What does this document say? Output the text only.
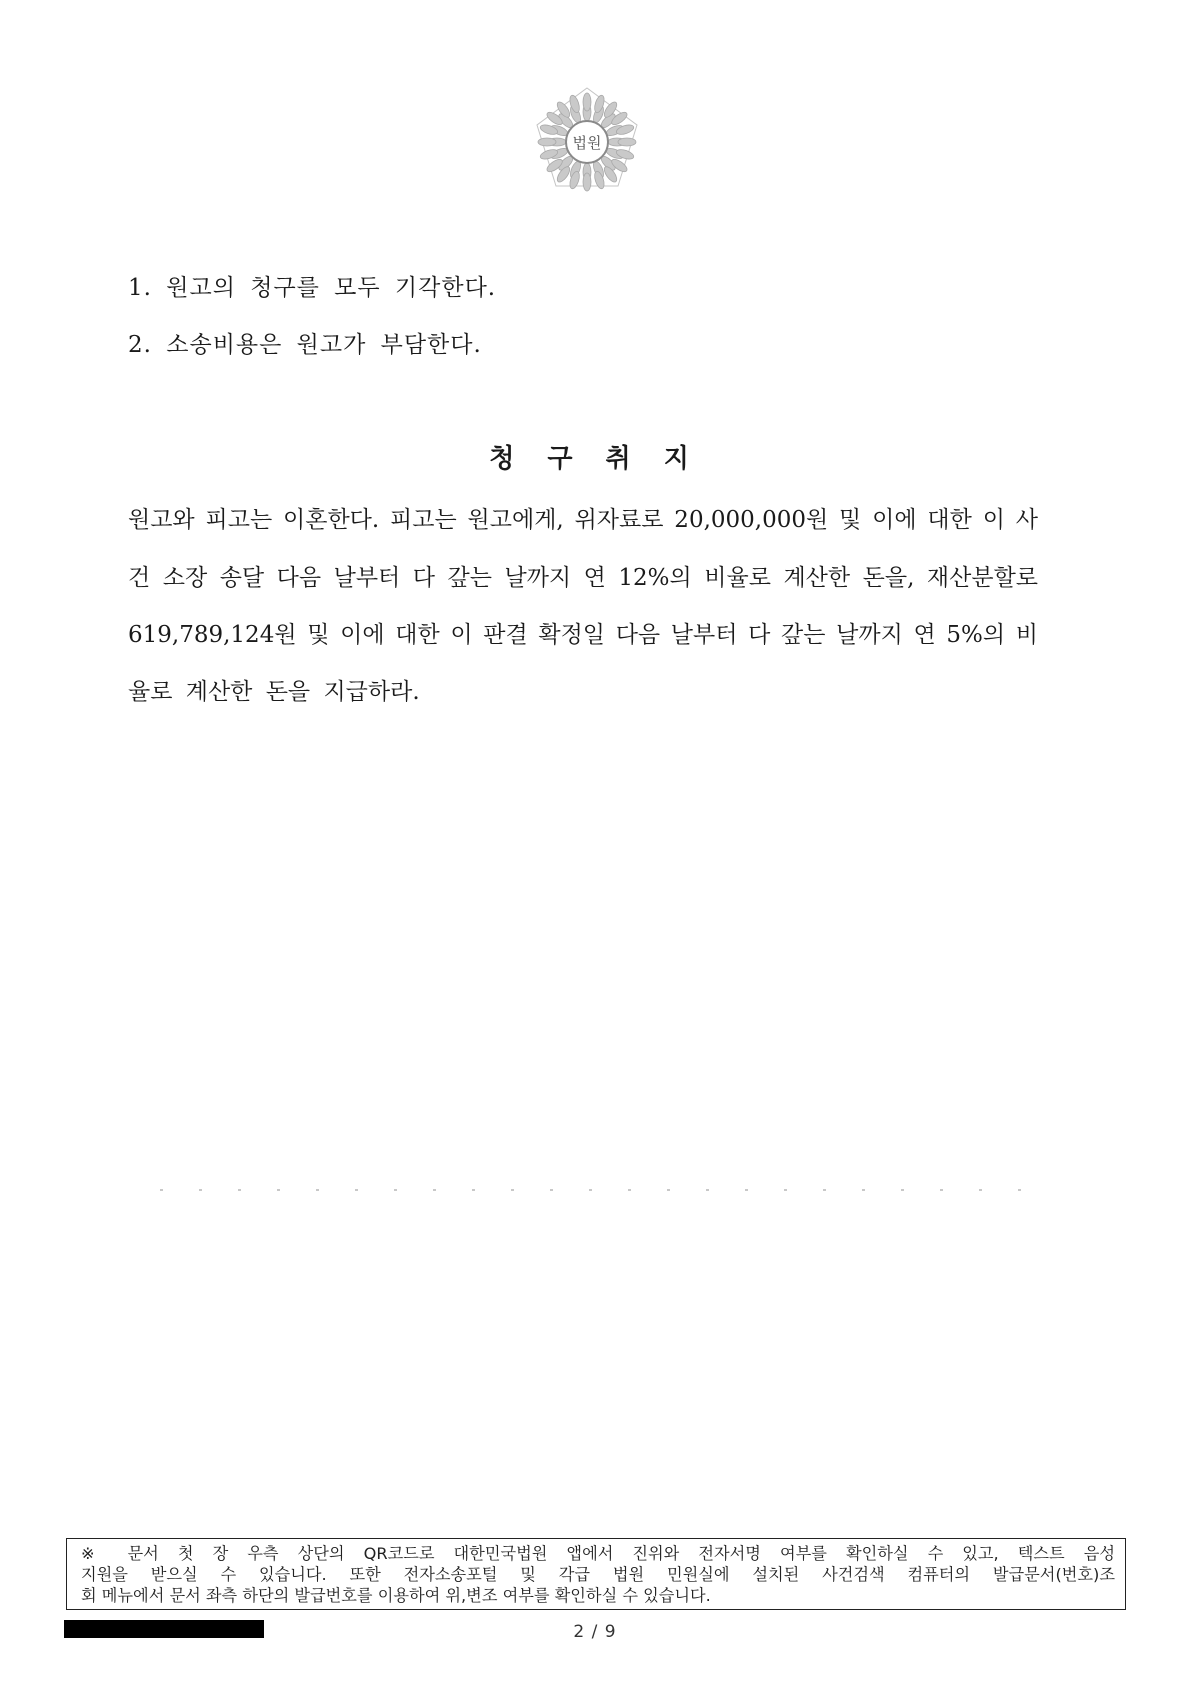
법원
1. 원고의 청구를 모두 기각한다.
2. 소송비용은 원고가 부담한다.
청 구 취 지
원고와 피고는 이혼한다. 피고는 원고에게, 위자료로 20,000,000원 및 이에 대한 이 사
건 소장 송달 다음 날부터 다 갚는 날까지 연 12%의 비율로 계산한 돈을, 재산분할로
619,789,124원 및 이에 대한 이 판결 확정일 다음 날부터 다 갚는 날까지 연 5%의 비
율로 계산한 돈을 지급하라.
※ 문서 첫 장 우측 상단의 QR코드로 대한민국법원 앱에서 진위와 전자서명 여부를 확인하실 수 있고, 텍스트 음성
지원을 받으실 수 있습니다. 또한 전자소송포털 및 각급 법원 민원실에 설치된 사건검색 컴퓨터의 발급문서(번호)조
회 메뉴에서 문서 좌측 하단의 발급번호를 이용하여 위,변조 여부를 확인하실 수 있습니다.
2 / 9
